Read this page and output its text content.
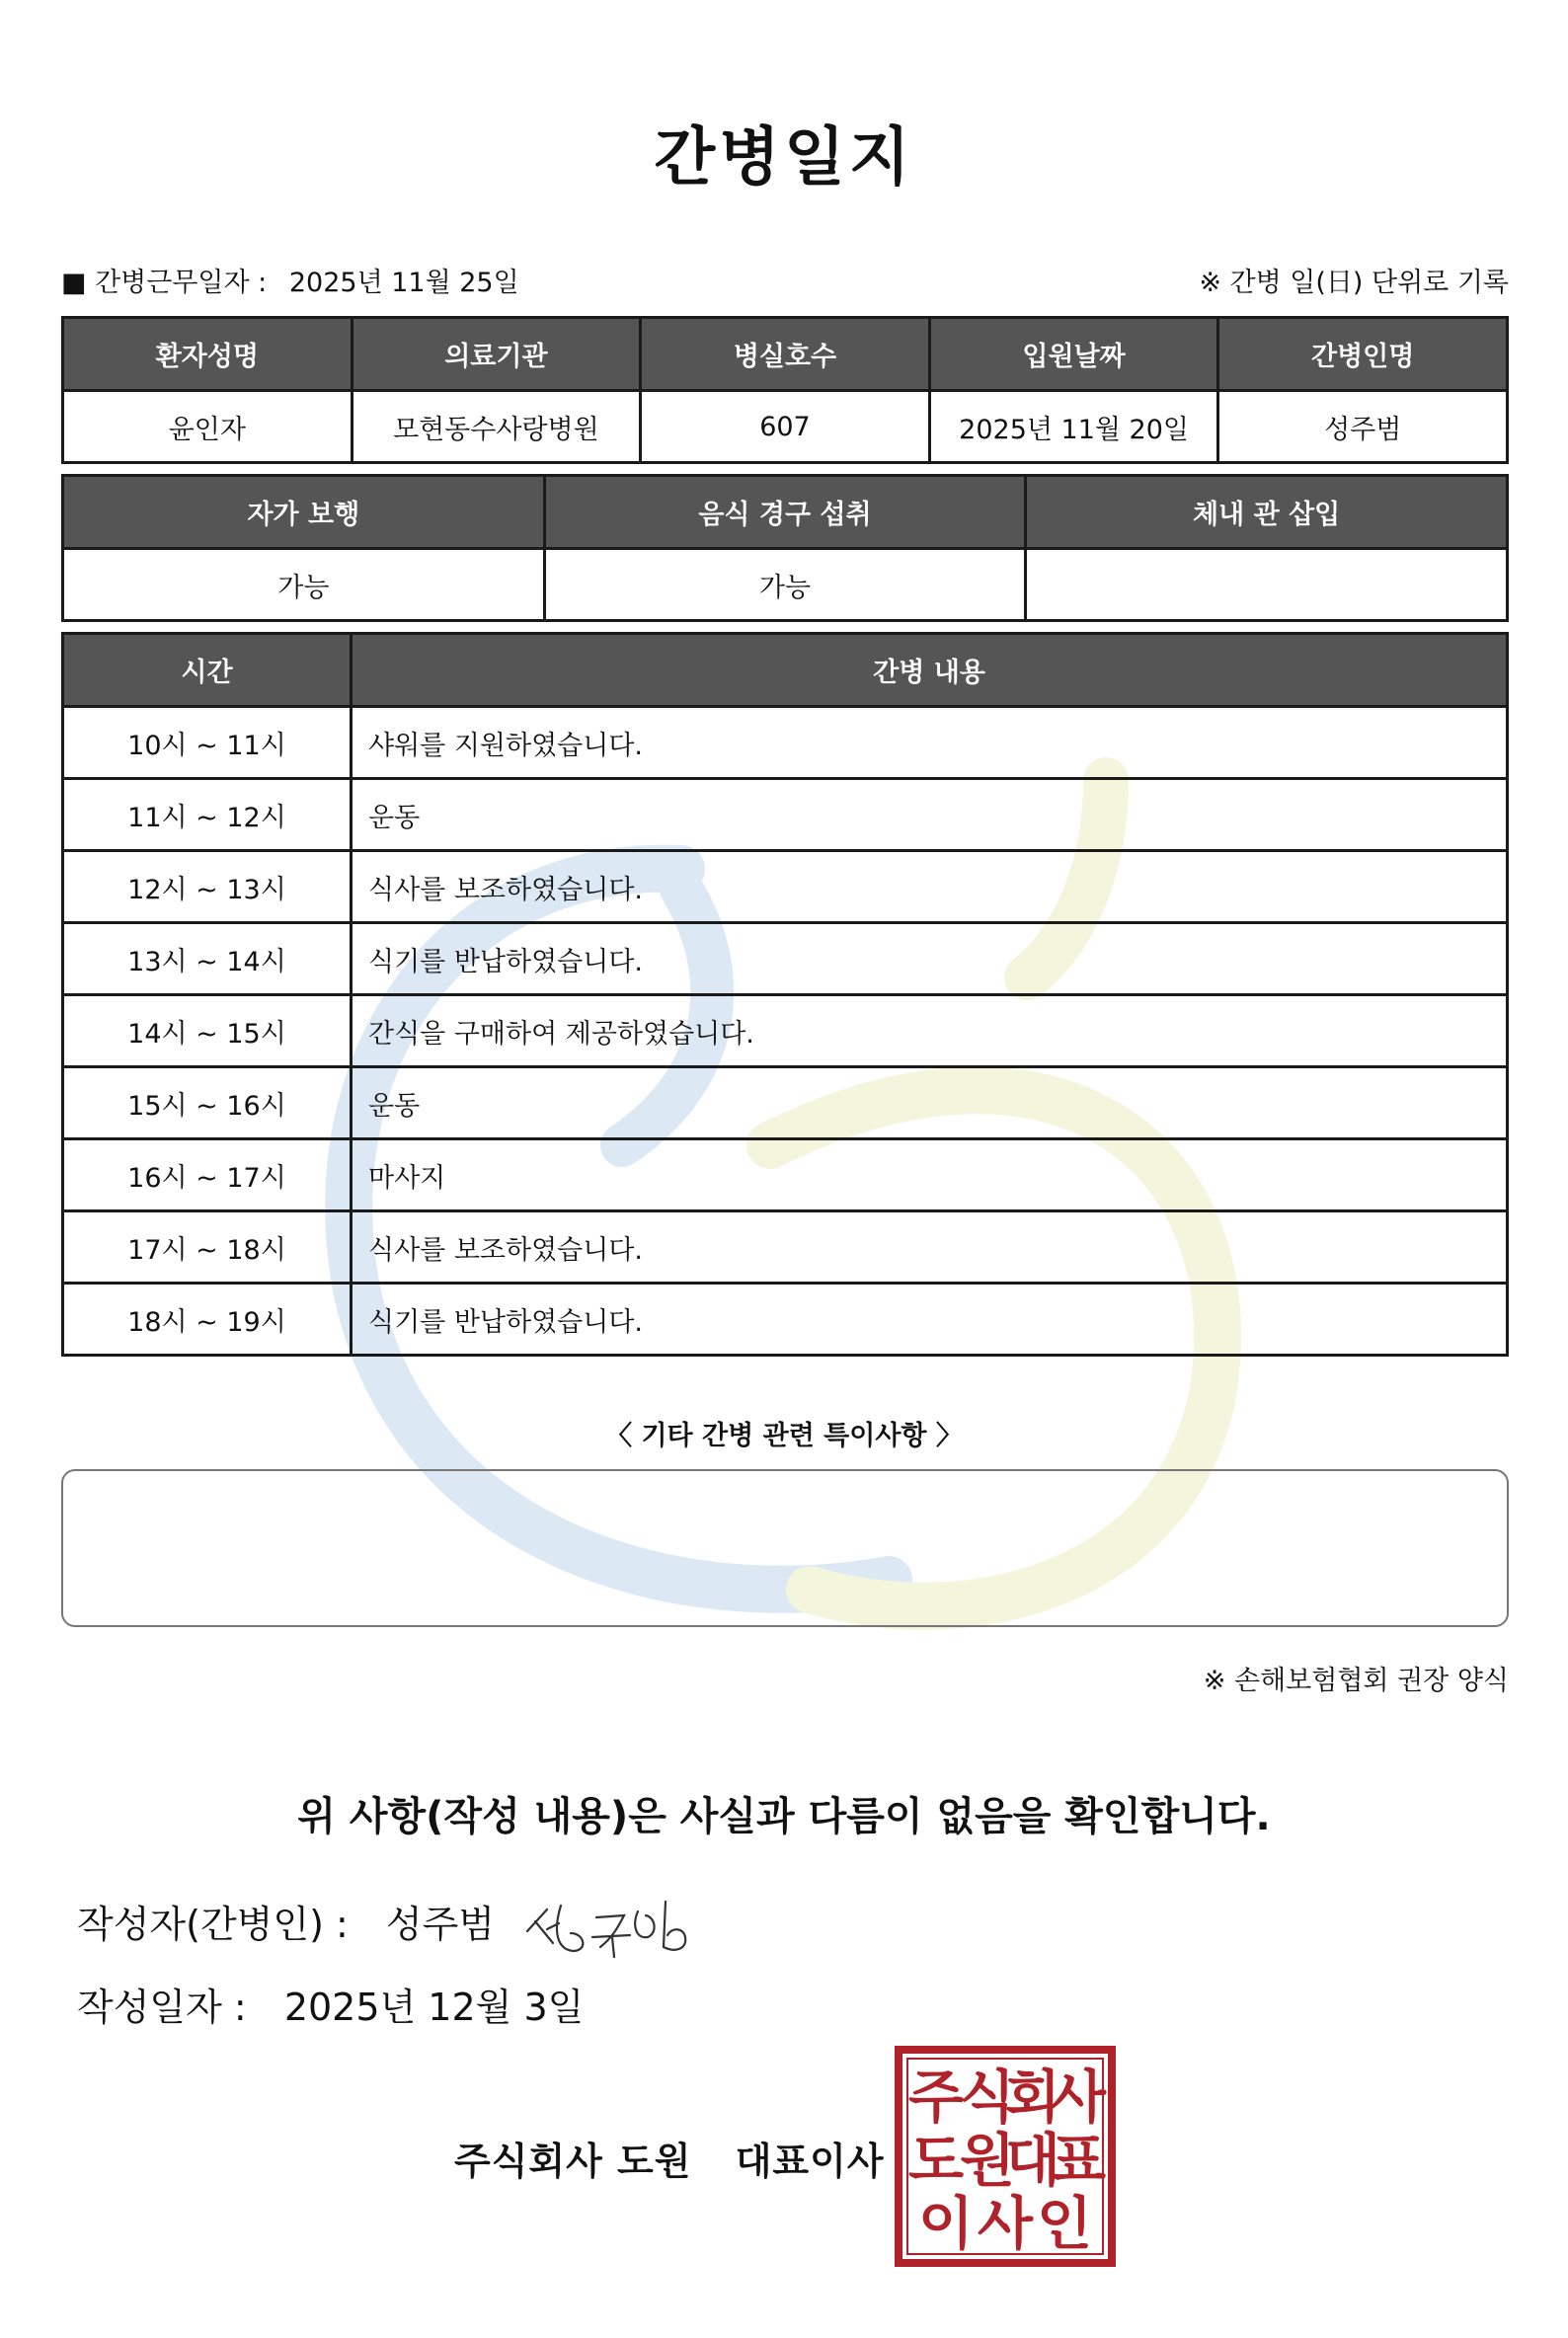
간병일지
■ 간병근무일자 : 2025년 11월 25일	※ 간병 일(日) 단위로 기록
환자성명	의료기관	병실호수	입원날짜	간병인명
윤인자	모현동수사랑병원	607	2025년 11월 20일	성주범
자가 보행	음식 경구 섭취	체내 관 삽입
가능	가능	
시간	간병 내용
10시 ~ 11시	샤워를 지원하였습니다.
11시 ~ 12시	운동
12시 ~ 13시	식사를 보조하였습니다.
13시 ~ 14시	식기를 반납하였습니다.
14시 ~ 15시	간식을 구매하여 제공하였습니다.
15시 ~ 16시	운동
16시 ~ 17시	마사지
17시 ~ 18시	식사를 보조하였습니다.
18시 ~ 19시	식기를 반납하였습니다.
〈 기타 간병 관련 특이사항 〉
※ 손해보험협회 권장 양식
위 사항(작성 내용)은 사실과 다름이 없음을 확인합니다.
작성자(간병인) : 성주범
작성일자 : 2025년 12월 3일
주식회사 도원 대표이사
주
식
회
사
도
원
대
표
이 사 인
